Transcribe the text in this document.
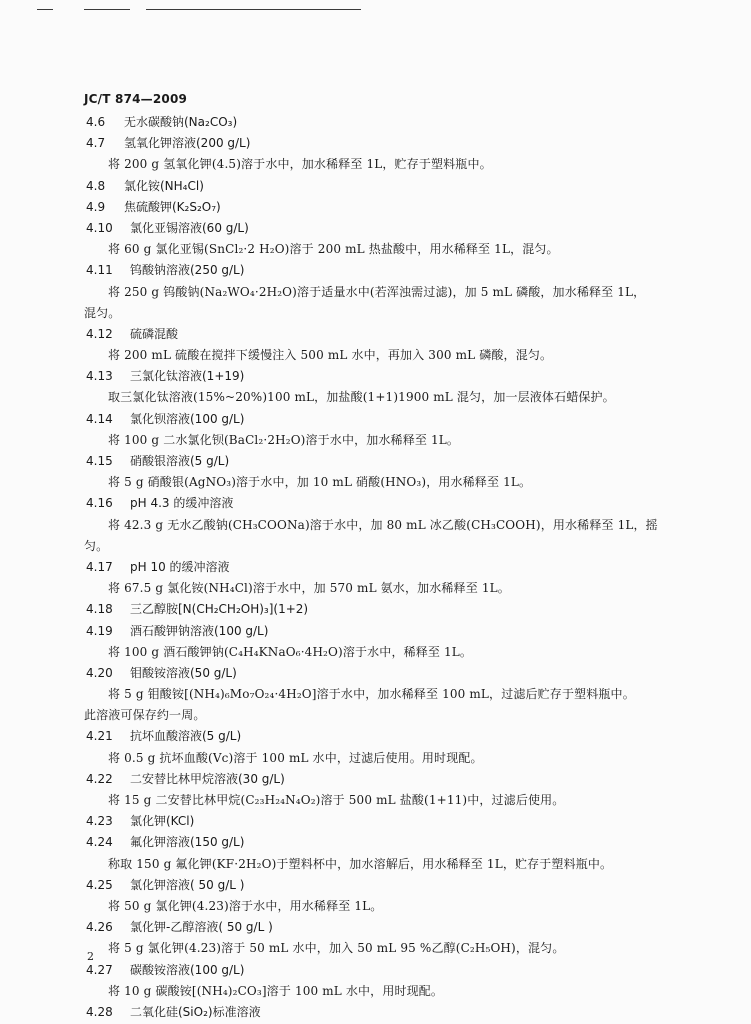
JC/T 874—2009
4.6	无水碳酸钠(Na₂CO₃)
4.7	氢氧化钾溶液(200 g/L)
将 200 g 氢氧化钾(4.5)溶于水中，加水稀释至 1L，贮存于塑料瓶中。
4.8	氯化铵(NH₄Cl)
4.9	焦硫酸钾(K₂S₂O₇)
4.10	氯化亚锡溶液(60 g/L)
将 60 g 氯化亚锡(SnCl₂·2 H₂O)溶于 200 mL 热盐酸中，用水稀释至 1L，混匀。
4.11	钨酸钠溶液(250 g/L)
将 250 g 钨酸钠(Na₂WO₄·2H₂O)溶于适量水中(若浑浊需过滤)，加 5 mL 磷酸，加水稀释至 1L，
混匀。
4.12	硫磷混酸
将 200 mL 硫酸在搅拌下缓慢注入 500 mL 水中，再加入 300 mL 磷酸，混匀。
4.13	三氯化钛溶液(1+19)
取三氯化钛溶液(15%~20%)100 mL，加盐酸(1+1)1900 mL 混匀，加一层液体石蜡保护。
4.14	氯化钡溶液(100 g/L)
将 100 g 二水氯化钡(BaCl₂·2H₂O)溶于水中，加水稀释至 1L。
4.15	硝酸银溶液(5 g/L)
将 5 g 硝酸银(AgNO₃)溶于水中，加 10 mL 硝酸(HNO₃)，用水稀释至 1L。
4.16	pH 4.3 的缓冲溶液
将 42.3 g 无水乙酸钠(CH₃COONa)溶于水中，加 80 mL 冰乙酸(CH₃COOH)，用水稀释至 1L，摇
匀。
4.17	pH 10 的缓冲溶液
将 67.5 g 氯化铵(NH₄Cl)溶于水中，加 570 mL 氨水，加水稀释至 1L。
4.18	三乙醇胺[N(CH₂CH₂OH)₃](1+2)
4.19	酒石酸钾钠溶液(100 g/L)
将 100 g 酒石酸钾钠(C₄H₄KNaO₆·4H₂O)溶于水中，稀释至 1L。
4.20	钼酸铵溶液(50 g/L)
将 5 g 钼酸铵[(NH₄)₆Mo₇O₂₄·4H₂O]溶于水中，加水稀释至 100 mL，过滤后贮存于塑料瓶中。
此溶液可保存约一周。
4.21	抗坏血酸溶液(5 g/L)
将 0.5 g 抗坏血酸(Vc)溶于 100 mL 水中，过滤后使用。用时现配。
4.22	二安替比林甲烷溶液(30 g/L)
将 15 g 二安替比林甲烷(C₂₃H₂₄N₄O₂)溶于 500 mL 盐酸(1+11)中，过滤后使用。
4.23	氯化钾(KCl)
4.24	氟化钾溶液(150 g/L)
称取 150 g 氟化钾(KF·2H₂O)于塑料杯中，加水溶解后，用水稀释至 1L，贮存于塑料瓶中。
4.25	氯化钾溶液( 50 g/L )
将 50 g 氯化钾(4.23)溶于水中，用水稀释至 1L。
4.26	氯化钾-乙醇溶液( 50 g/L )
将 5 g 氯化钾(4.23)溶于 50 mL 水中，加入 50 mL 95 %乙醇(C₂H₅OH)，混匀。
4.27	碳酸铵溶液(100 g/L)
将 10 g 碳酸铵[(NH₄)₂CO₃]溶于 100 mL 水中，用时现配。
4.28	二氧化硅(SiO₂)标准溶液
2
